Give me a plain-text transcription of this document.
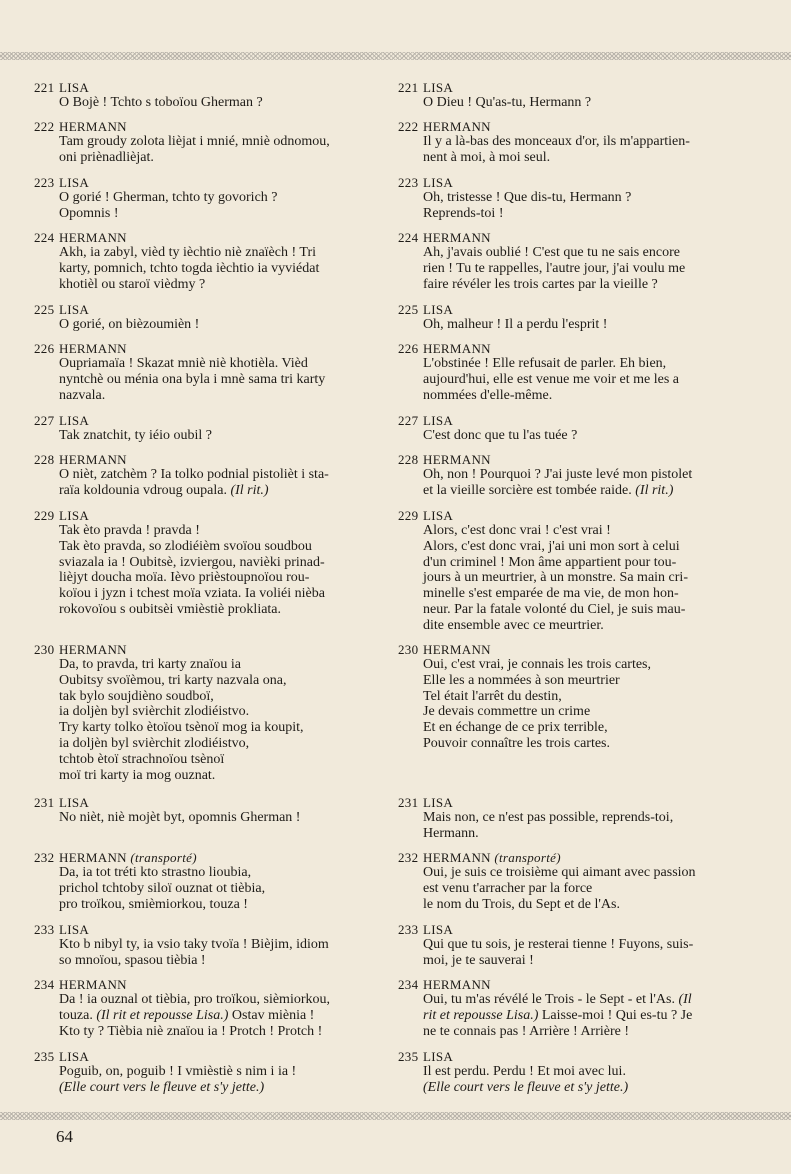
221 LISA
O Bojè ! Tchto s toboïou Gherman ?
222 HERMANN
Tam groudy zolota lièjat i mnié, mniè odnomou,
oni priènadlièjat.
223 LISA
O gorié ! Gherman, tchto ty govorich ?
Opomnis !
224 HERMANN
Akh, ia zabyl, vièd ty ièchtio niè znaïèch ! Tri
karty, pomnich, tchto togda ièchtio ia vyviédat
khotièl ou staroï vièdmy ?
225 LISA
O gorié, on bièzoumièn !
226 HERMANN
Oupriamaïa ! Skazat mniè niè khotièla. Vièd
nyntchè ou ménia ona byla i mnè sama tri karty
nazvala.
227 LISA
Tak znatchit, ty iéio oubil ?
228 HERMANN
O nièt, zatchèm ? Ia tolko podnial pistolièt i sta-
raïa koldounia vdroug oupala. (Il rit.)
229 LISA
Tak èto pravda ! pravda !
Tak èto pravda, so zlodiéièm svoïou soudbou
sviazala ia ! Oubitsè, izviergou, navièki prinad-
lièjyt doucha moïa. Ièvo prièstoupnoïou rou-
koïou i jyzn i tchest moïa vziata. Ia voliéi nièba
rokovoïou s oubitsèi vmièstiè prokliata.
230 HERMANN
Da, to pravda, tri karty znaïou ia
Oubitsy svoïèmou, tri karty nazvala ona,
tak bylo soujdièno soudboï,
ia doljèn byl svièrchit zlodiéistvo.
Try karty tolko ètoïou tsènoï mog ia koupit,
ia doljèn byl svièrchit zlodiéistvo,
tchtob ètoï strachnoïou tsènoï
moï tri karty ia mog ouznat.
231 LISA
No nièt, niè mojèt byt, opomnis Gherman !
232 HERMANN (transporté)
Da, ia tot tréti kto strastno lioubia,
prichol tchtoby siloï ouznat ot tièbia,
pro troïkou, smièmiorkou, touza !
233 LISA
Kto b nibyl ty, ia vsio taky tvoïa ! Bièjim, idiom
so mnoïou, spasou tièbia !
234 HERMANN
Da ! ia ouznal ot tièbia, pro troïkou, sièmiorkou,
touza. (Il rit et repousse Lisa.) Ostav miènia !
Kto ty ? Tièbia niè znaïou ia ! Protch ! Protch !
235 LISA
Poguib, on, poguib ! I vmièstiè s nim i ia !
(Elle court vers le fleuve et s'y jette.)
221 LISA
O Dieu ! Qu'as-tu, Hermann ?
222 HERMANN
Il y a là-bas des monceaux d'or, ils m'appartien-
nent à moi, à moi seul.
223 LISA
Oh, tristesse ! Que dis-tu, Hermann ?
Reprends-toi !
224 HERMANN
Ah, j'avais oublié ! C'est que tu ne sais encore
rien ! Tu te rappelles, l'autre jour, j'ai voulu me
faire révéler les trois cartes par la vieille ?
225 LISA
Oh, malheur ! Il a perdu l'esprit !
226 HERMANN
L'obstinée ! Elle refusait de parler. Eh bien,
aujourd'hui, elle est venue me voir et me les a
nommées d'elle-même.
227 LISA
C'est donc que tu l'as tuée ?
228 HERMANN
Oh, non ! Pourquoi ? J'ai juste levé mon pistolet
et la vieille sorcière est tombée raide. (Il rit.)
229 LISA
Alors, c'est donc vrai ! c'est vrai !
Alors, c'est donc vrai, j'ai uni mon sort à celui
d'un criminel ! Mon âme appartient pour tou-
jours à un meurtrier, à un monstre. Sa main cri-
minelle s'est emparée de ma vie, de mon hon-
neur. Par la fatale volonté du Ciel, je suis mau-
dite ensemble avec ce meurtrier.
230 HERMANN
Oui, c'est vrai, je connais les trois cartes,
Elle les a nommées à son meurtrier
Tel était l'arrêt du destin,
Je devais commettre un crime
Et en échange de ce prix terrible,
Pouvoir connaître les trois cartes.
231 LISA
Mais non, ce n'est pas possible, reprends-toi,
Hermann.
232 HERMANN (transporté)
Oui, je suis ce troisième qui aimant avec passion
est venu t'arracher par la force
le nom du Trois, du Sept et de l'As.
233 LISA
Qui que tu sois, je resterai tienne ! Fuyons, suis-
moi, je te sauverai !
234 HERMANN
Oui, tu m'as révélé le Trois - le Sept - et l'As. (Il
rit et repousse Lisa.) Laisse-moi ! Qui es-tu ? Je
ne te connais pas ! Arrière ! Arrière !
235 LISA
Il est perdu. Perdu ! Et moi avec lui.
(Elle court vers le fleuve et s'y jette.)
64
